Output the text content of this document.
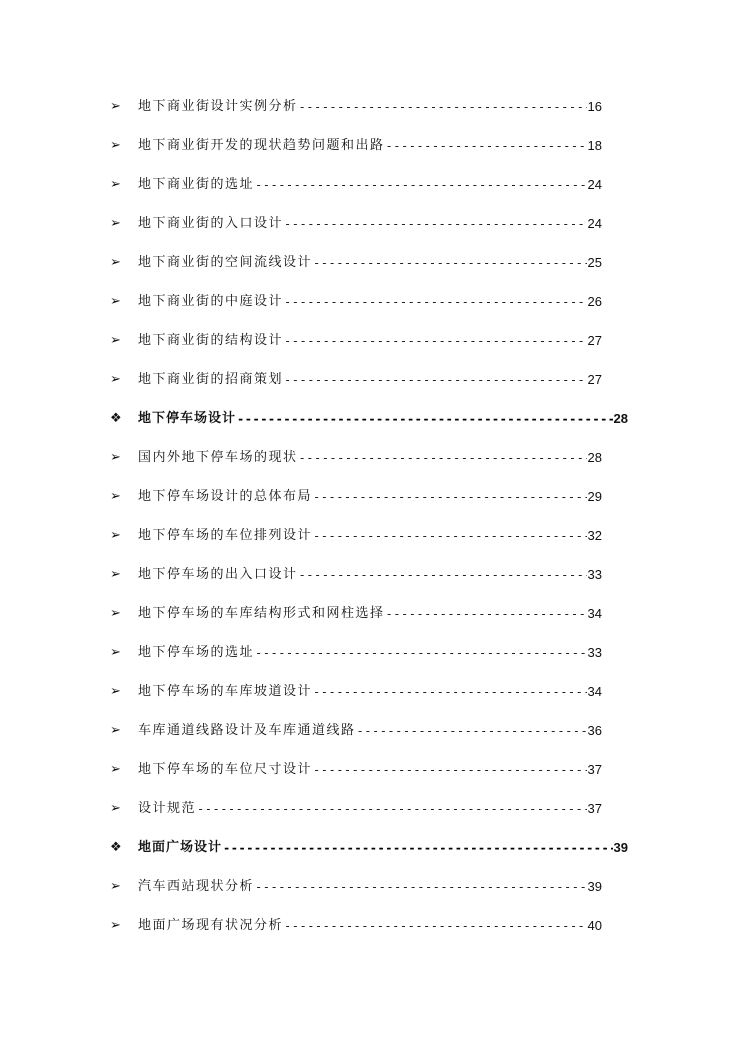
➢	地下商业街设计实例分析 -----	16
➢	地下商业街开发的现状趋势问题和出路 -----	18
➢	地下商业街的选址 -----	24
➢	地下商业街的入口设计 -----	24
➢	地下商业街的空间流线设计 -----	25
➢	地下商业街的中庭设计 -----	26
➢	地下商业街的结构设计 -----	27
➢	地下商业街的招商策划 -----	27
❖	地下停车场设计 -----	28
➢	国内外地下停车场的现状 -----	28
➢	地下停车场设计的总体布局 -----	29
➢	地下停车场的车位排列设计 -----	32
➢	地下停车场的出入口设计 -----	33
➢	地下停车场的车库结构形式和网柱选择 -----	34
➢	地下停车场的选址 -----	33
➢	地下停车场的车库坡道设计 -----	34
➢	车库通道线路设计及车库通道线路 -----	36
➢	地下停车场的车位尺寸设计 -----	37
➢	设计规范 -----	37
❖	地面广场设计 -----	39
➢	汽车西站现状分析 -----	39
➢	地面广场现有状况分析 -----	40
